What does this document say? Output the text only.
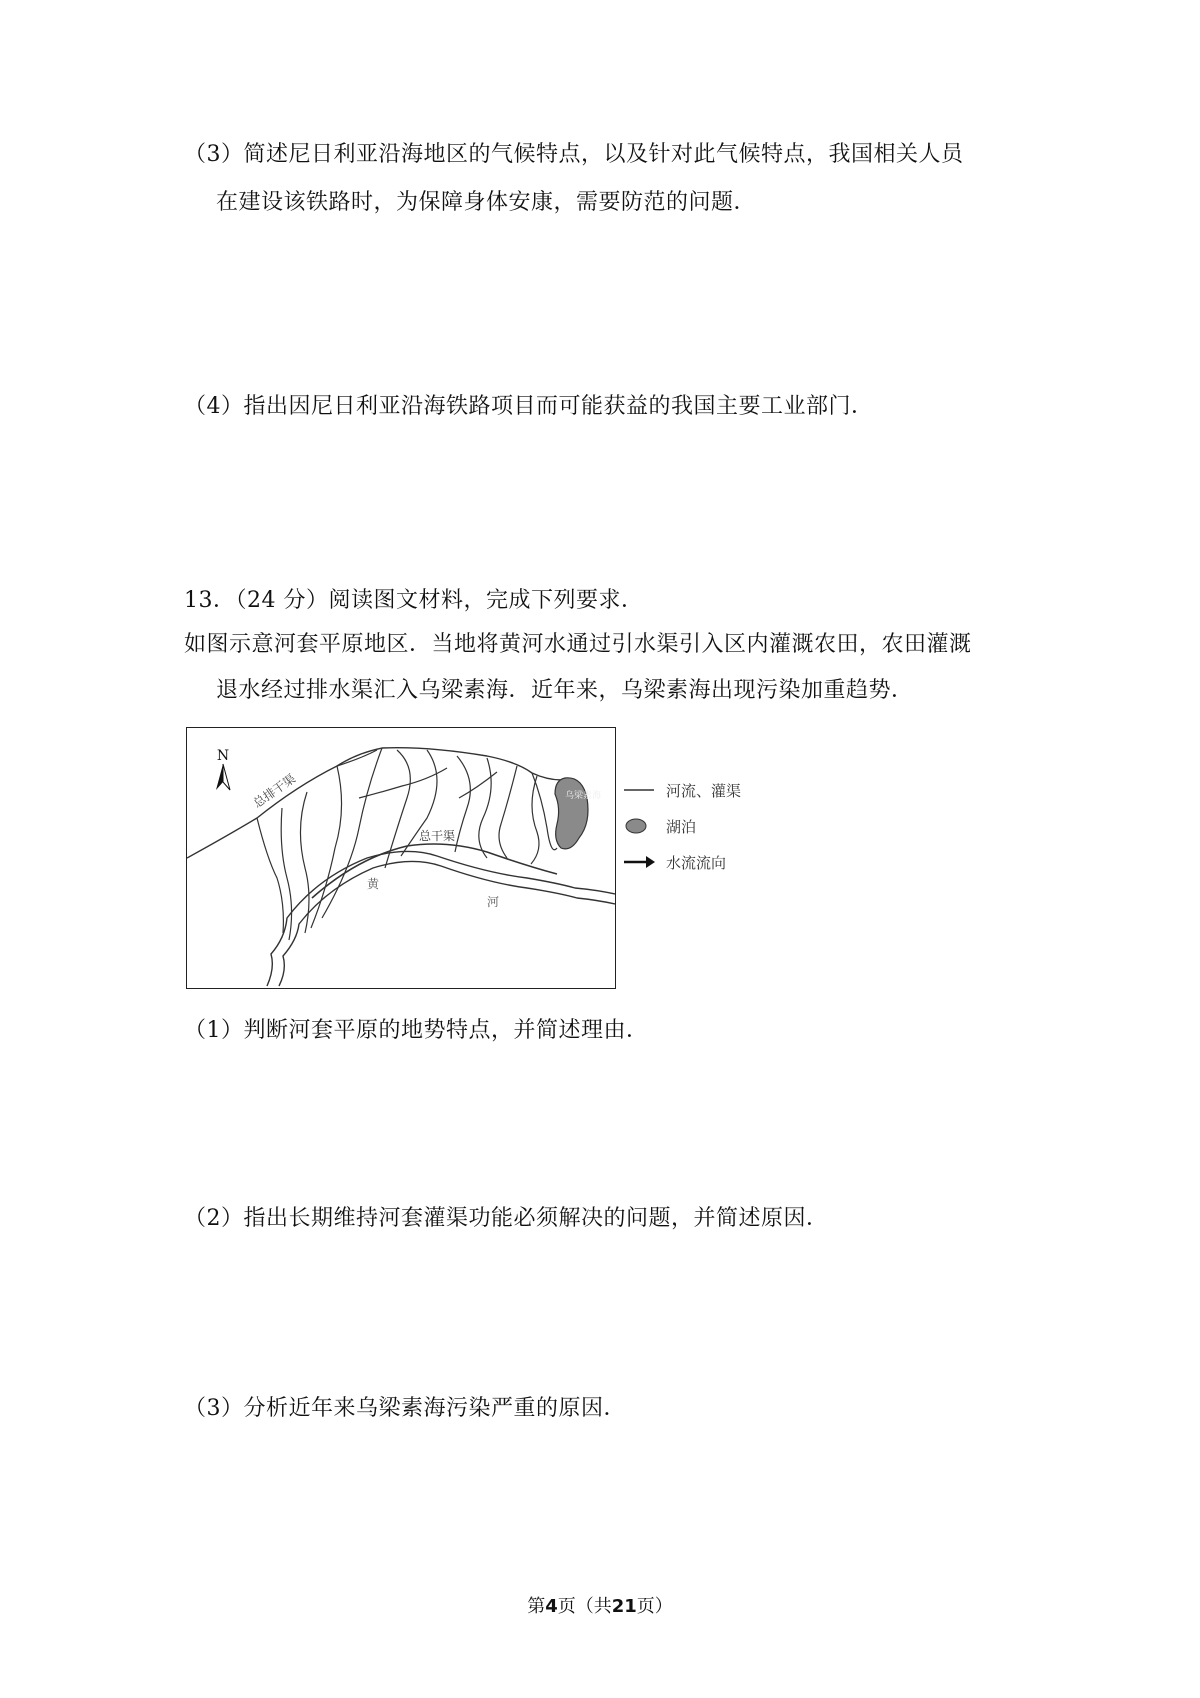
（3）简述尼日利亚沿海地区的气候特点，以及针对此气候特点，我国相关人员
在建设该铁路时，为保障身体安康，需要防范的问题．
（4）指出因尼日利亚沿海铁路项目而可能获益的我国主要工业部门．
13．（24 分）阅读图文材料，完成下列要求．
如图示意河套平原地区．当地将黄河水通过引水渠引入区内灌溉农田，农田灌溉
退水经过排水渠汇入乌梁素海．近年来，乌梁素海出现污染加重趋势．
N
乌梁素海
总干渠
黄
河
总排干渠	河流、灌渠
湖泊
水流流向
（1）判断河套平原的地势特点，并简述理由．
（2）指出长期维持河套灌渠功能必须解决的问题，并简述原因．
（3）分析近年来乌梁素海污染严重的原因．
第4页（共21页）
